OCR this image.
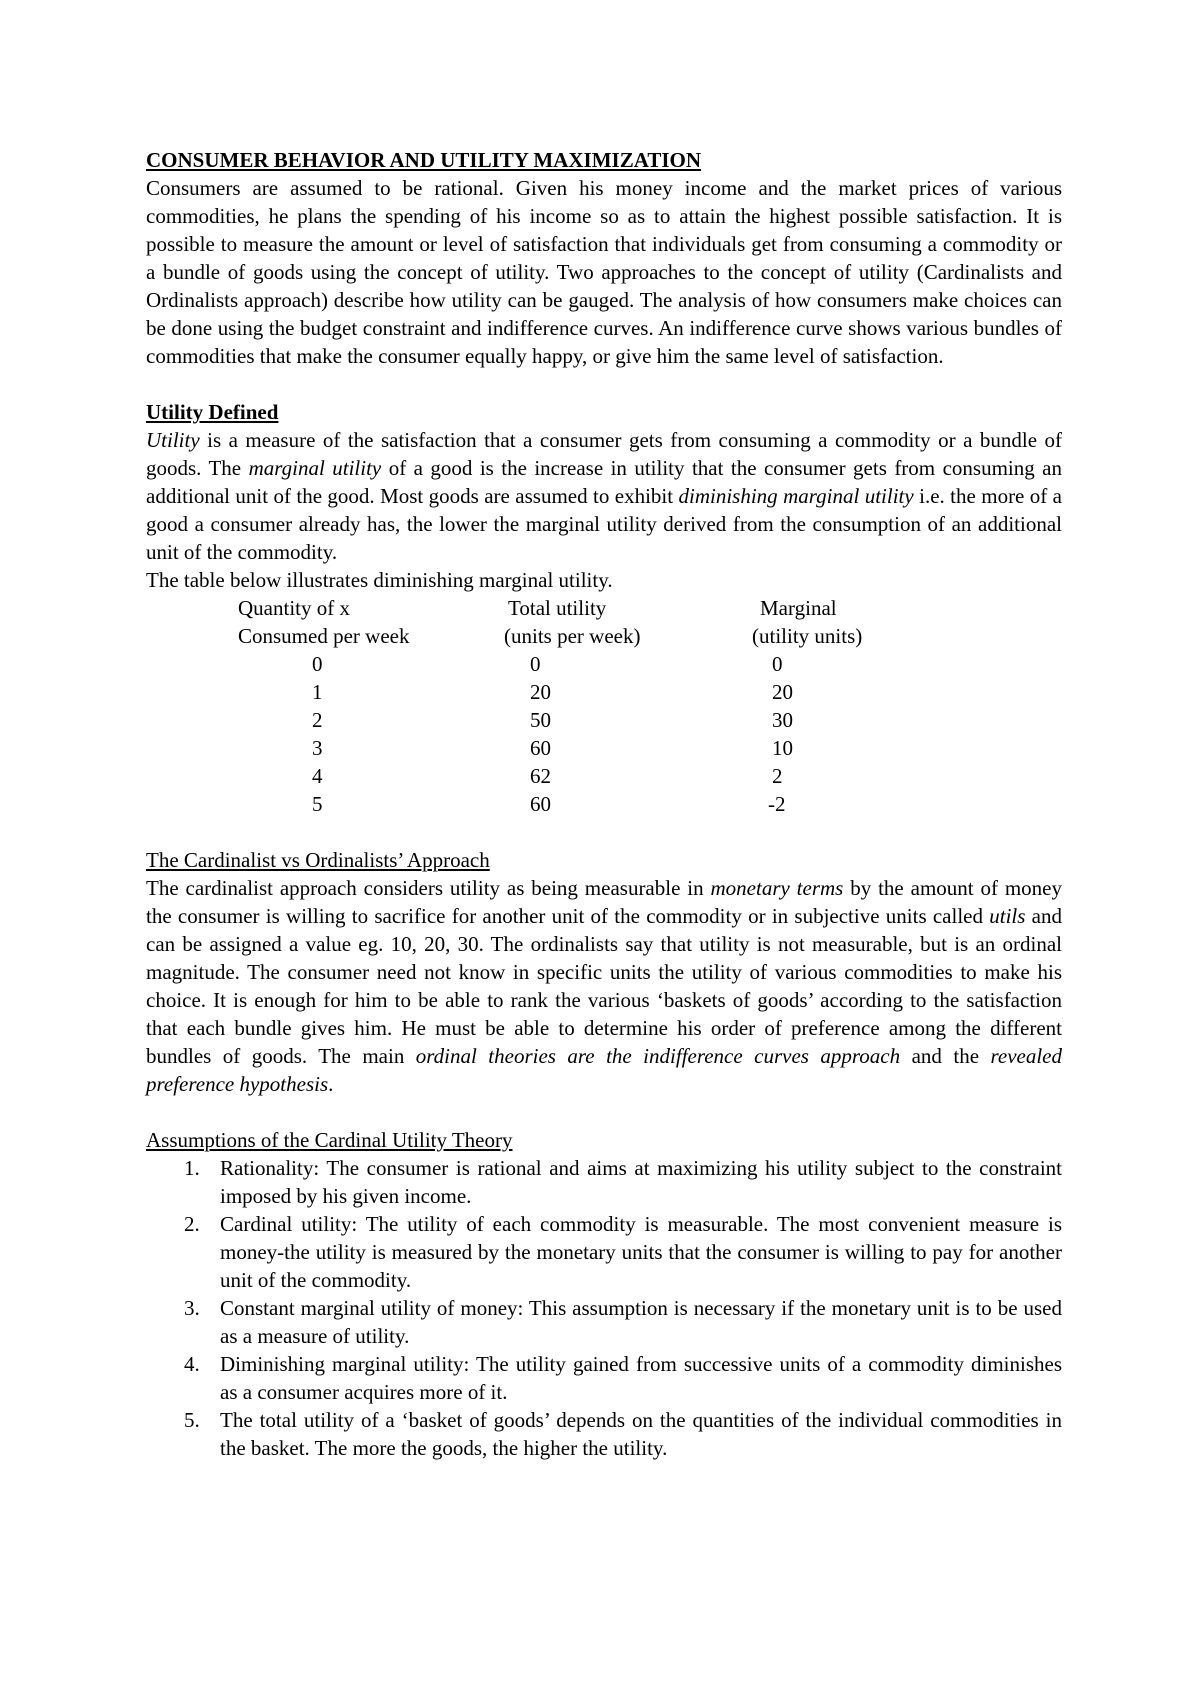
CONSUMER BEHAVIOR AND UTILITY MAXIMIZATION

Consumers are assumed to be rational. Given his money income and the market prices of various commodities, he plans the spending of his income so as to attain the highest possible satisfaction. It is possible to measure the amount or level of satisfaction that individuals get from consuming a commodity or a bundle of goods using the concept of utility. Two approaches to the concept of utility (Cardinalists and Ordinalists approach) describe how utility can be gauged. The analysis of how consumers make choices can be done using the budget constraint and indifference curves. An indifference curve shows various bundles of commodities that make the consumer equally happy, or give him the same level of satisfaction.

Utility Defined

Utility is a measure of the satisfaction that a consumer gets from consuming a commodity or a bundle of goods. The marginal utility of a good is the increase in utility that the consumer gets from consuming an additional unit of the good. Most goods are assumed to exhibit diminishing marginal utility i.e. the more of a good a consumer already has, the lower the marginal utility derived from the consumption of an additional unit of the commodity.

The table below illustrates diminishing marginal utility.

Quantity of x
Consumed per week
0
1
2
3
4
5
Total utility
(units per week)
0
20
50
60
62
60
Marginal
(utility units)
0
20
30
10
2
-2

The Cardinalist vs Ordinalists’ Approach

The cardinalist approach considers utility as being measurable in monetary terms by the amount of money the consumer is willing to sacrifice for another unit of the commodity or in subjective units called utils and can be assigned a value eg. 10, 20, 30. The ordinalists say that utility is not measurable, but is an ordinal magnitude. The consumer need not know in specific units the utility of various commodities to make his choice. It is enough for him to be able to rank the various ‘baskets of goods’ according to the satisfaction that each bundle gives him. He must be able to determine his order of preference among the different bundles of goods. The main ordinal theories are the indifference curves approach and the revealed preference hypothesis.

Assumptions of the Cardinal Utility Theory

1. Rationality: The consumer is rational and aims at maximizing his utility subject to the constraint imposed by his given income.
2. Cardinal utility: The utility of each commodity is measurable. The most convenient measure is money-the utility is measured by the monetary units that the consumer is willing to pay for another unit of the commodity.
3. Constant marginal utility of money: This assumption is necessary if the monetary unit is to be used as a measure of utility.
4. Diminishing marginal utility: The utility gained from successive units of a commodity diminishes as a consumer acquires more of it.
5. The total utility of a ‘basket of goods’ depends on the quantities of the individual commodities in the basket. The more the goods, the higher the utility.
